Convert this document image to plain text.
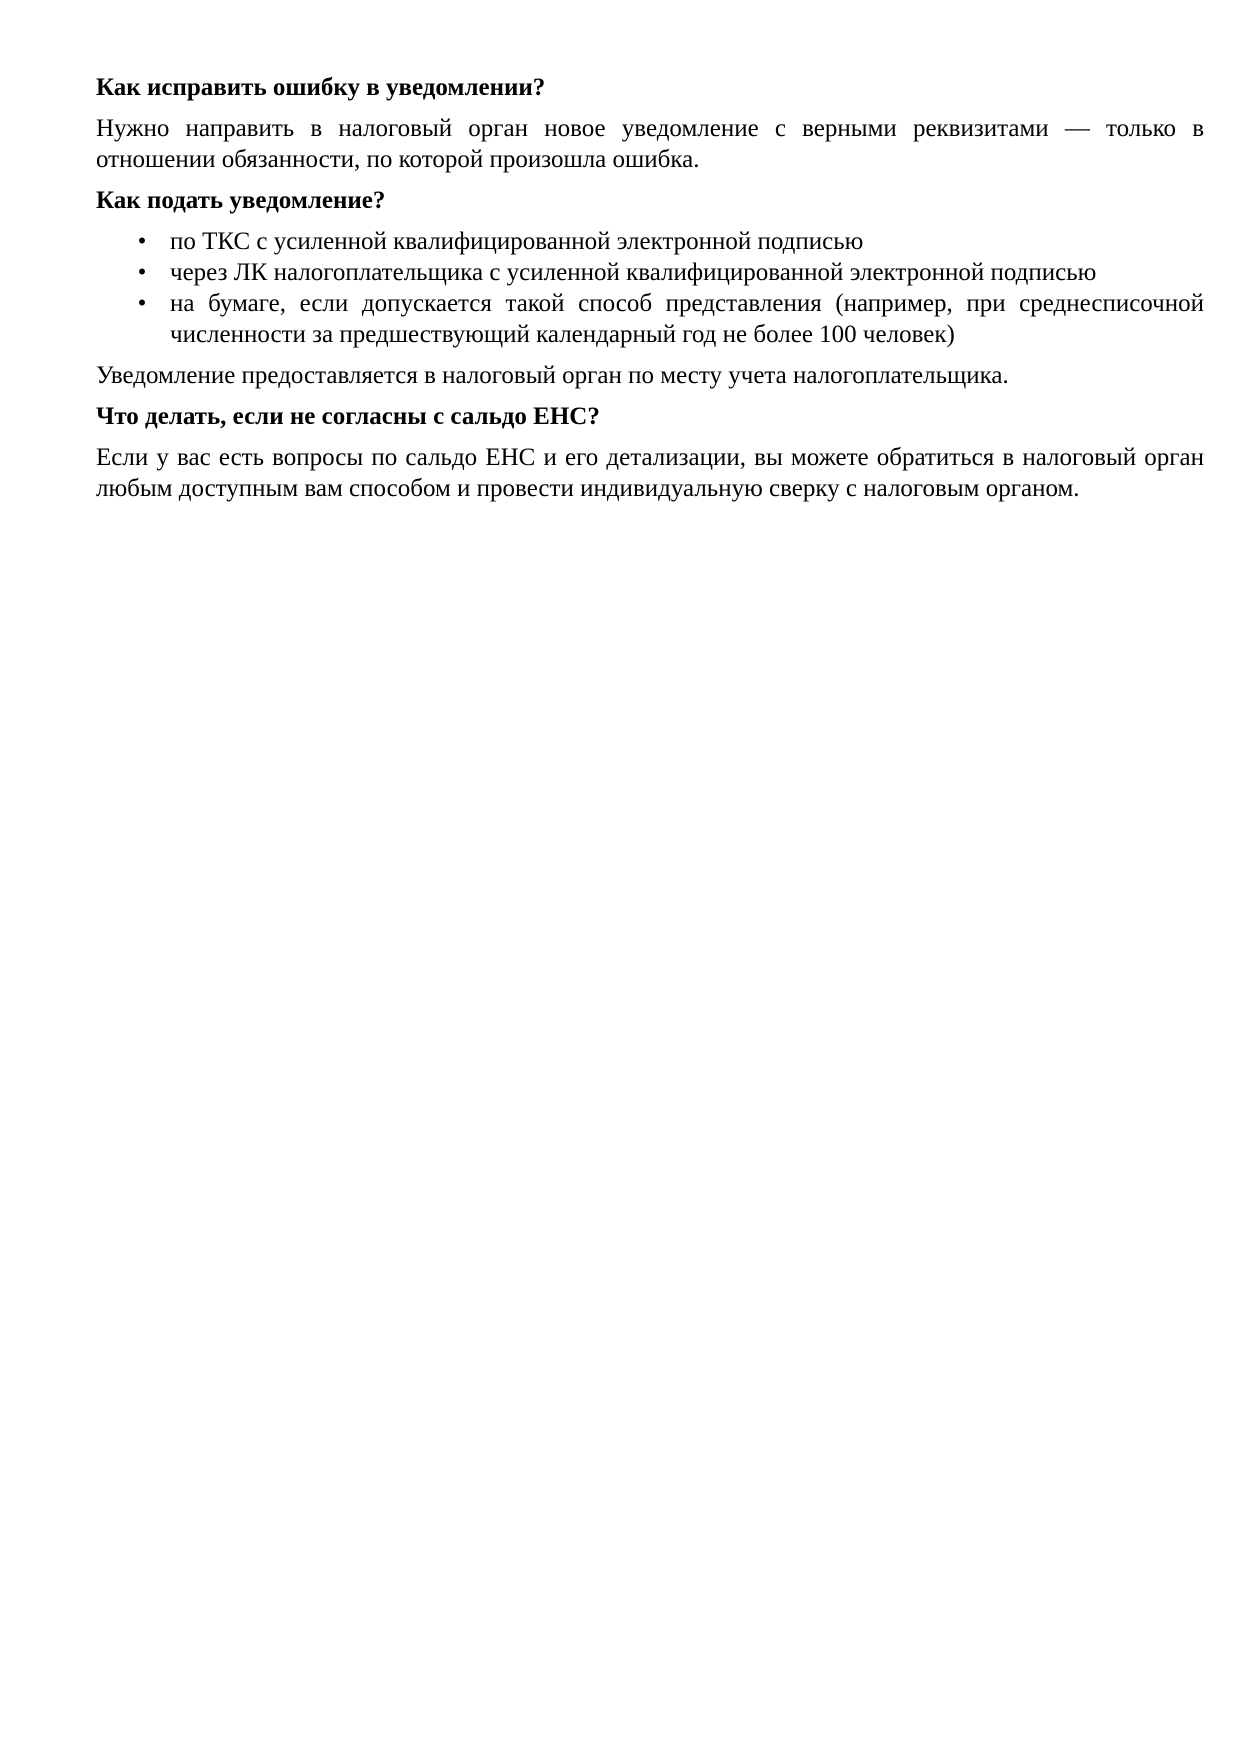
Как исправить ошибку в уведомлении?
Нужно направить в налоговый орган новое уведомление с верными реквизитами — только в отношении обязанности, по которой произошла ошибка.
Как подать уведомление?
• по ТКС с усиленной квалифицированной электронной подписью
• через ЛК налогоплательщика с усиленной квалифицированной электронной подписью
• на бумаге, если допускается такой способ представления (например, при среднесписочной численности за предшествующий календарный год не более 100 человек)
Уведомление предоставляется в налоговый орган по месту учета налогоплательщика.
Что делать, если не согласны с сальдо ЕНС?
Если у вас есть вопросы по сальдо ЕНС и его детализации, вы можете обратиться в налоговый орган любым доступным вам способом и провести индивидуальную сверку с налоговым органом.
